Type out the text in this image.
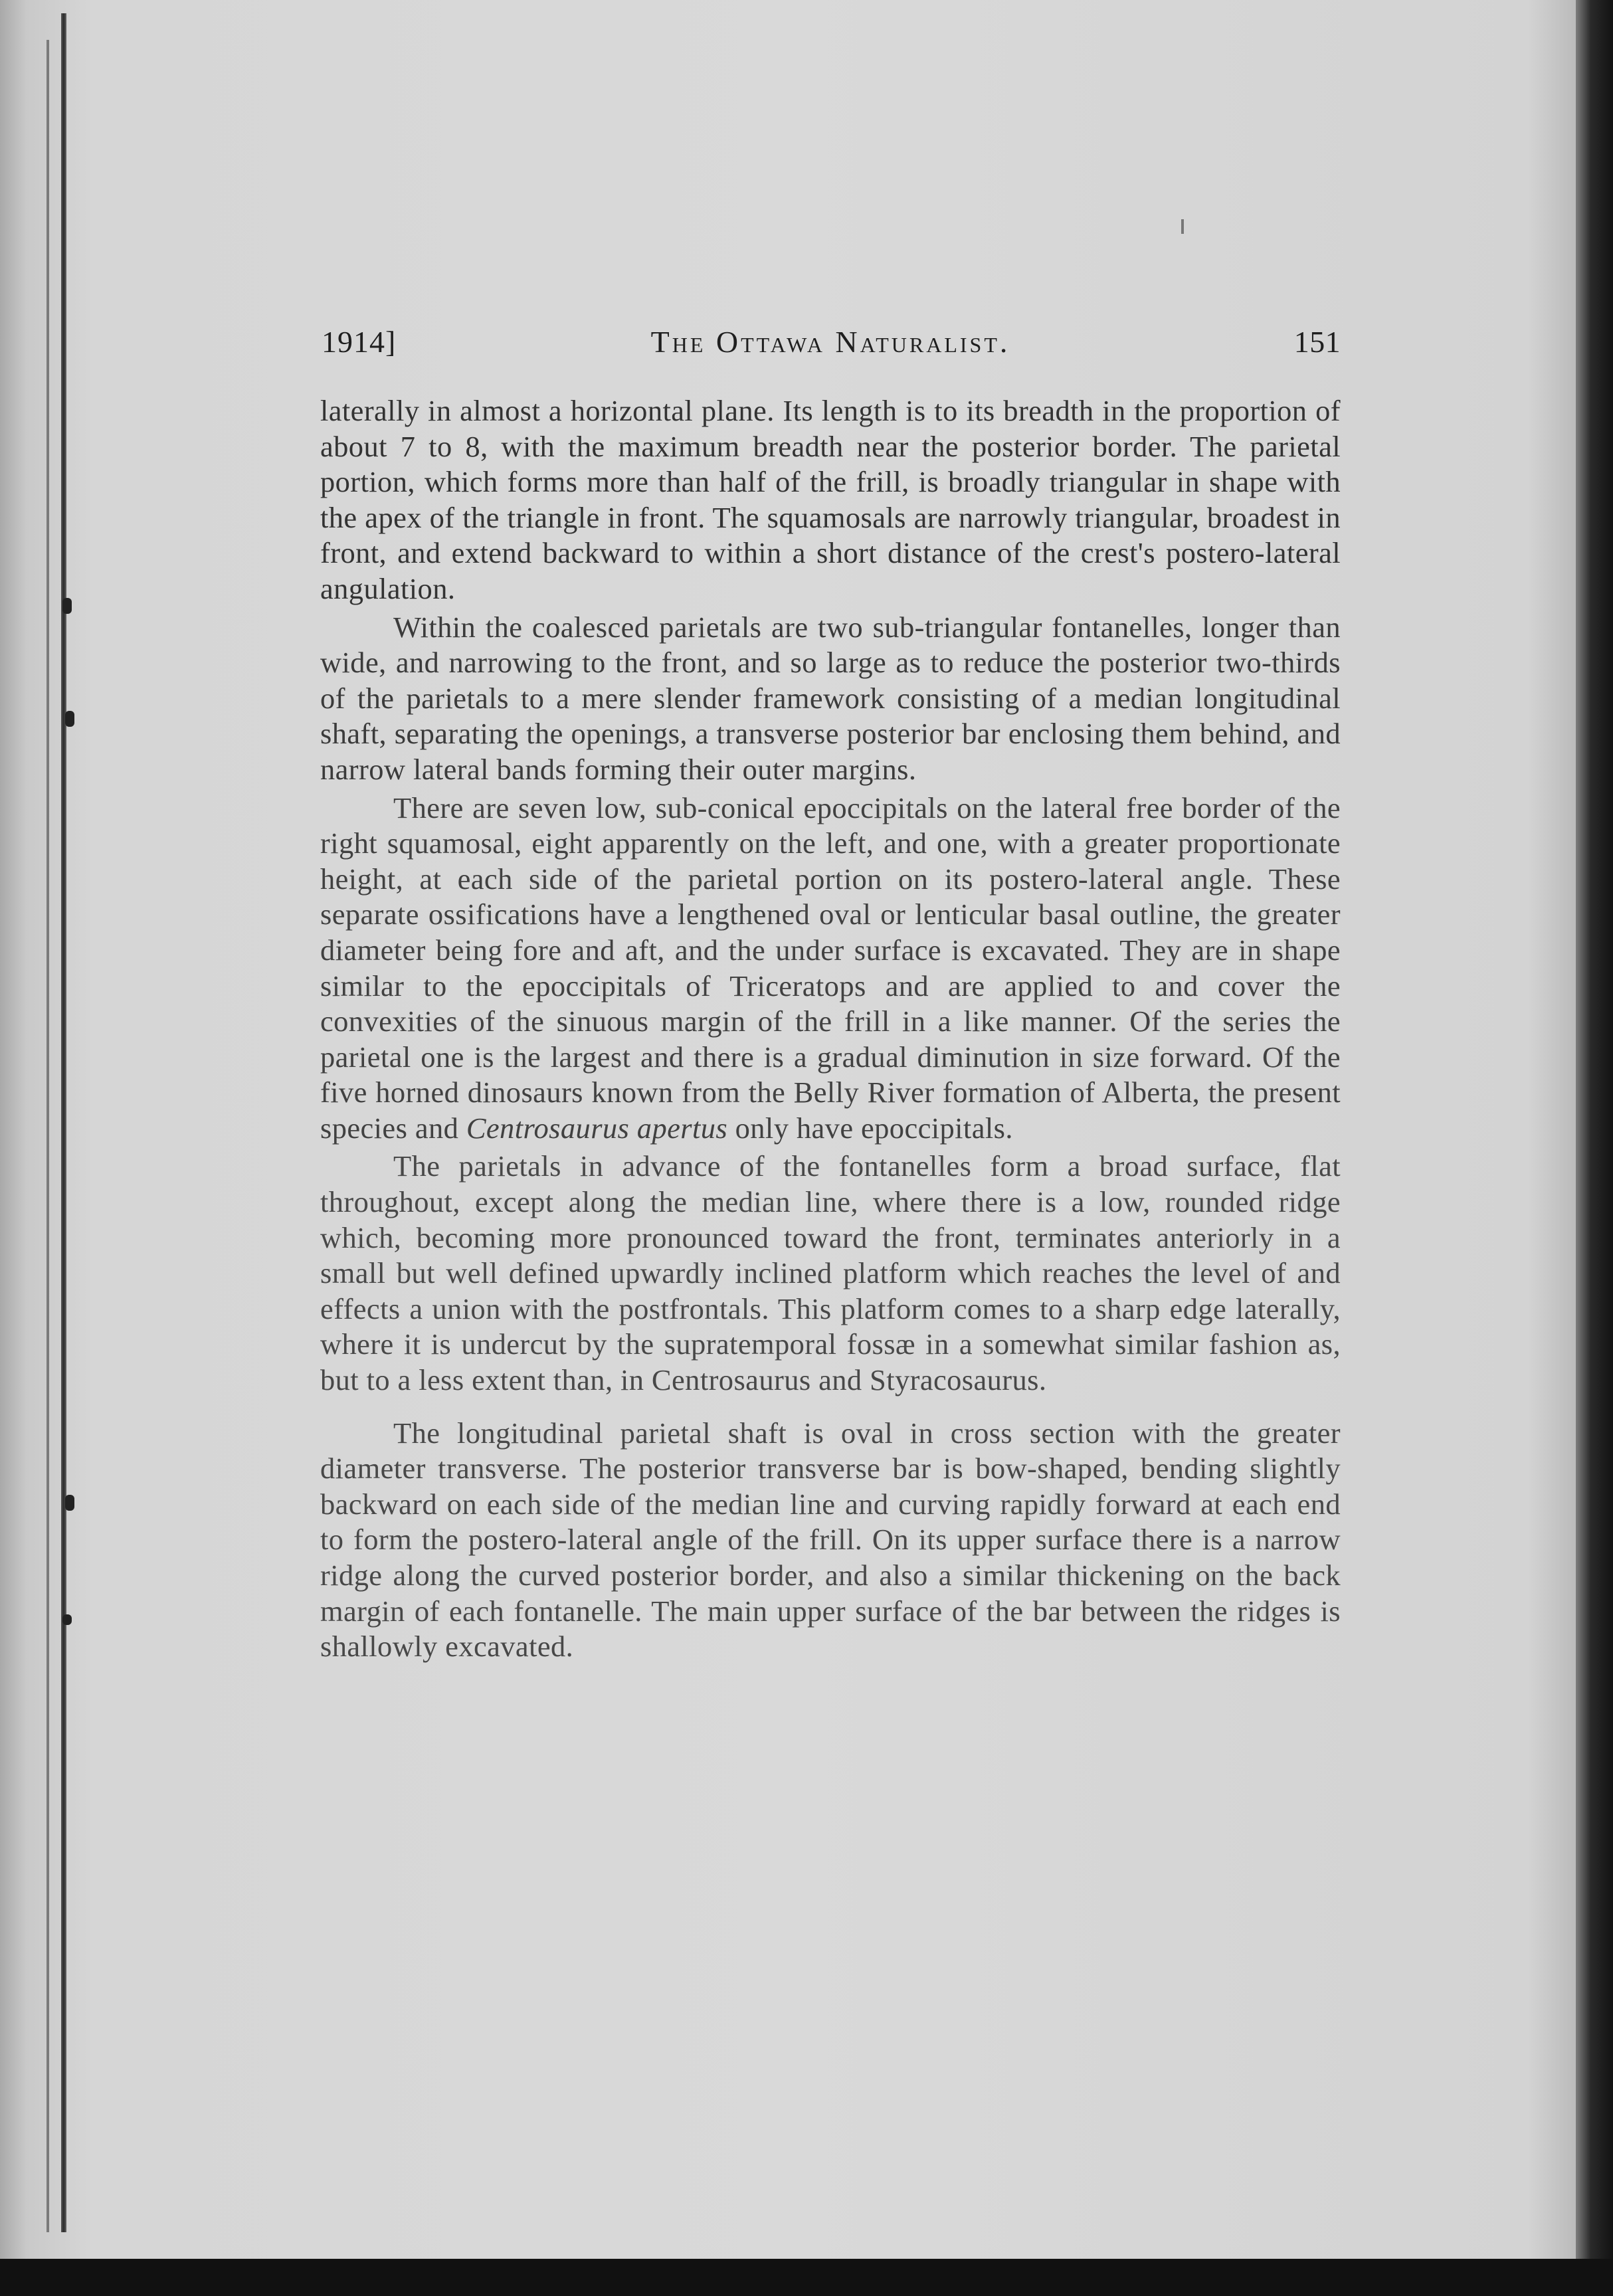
1914]	The Ottawa Naturalist.	151

laterally in almost a horizontal plane. Its length is to its breadth in the proportion of about 7 to 8, with the maximum breadth near the posterior border. The parietal portion, which forms more than half of the frill, is broadly triangular in shape with the apex of the triangle in front. The squamosals are narrowly triangular, broadest in front, and extend backward to within a short distance of the crest's postero-lateral angulation.

Within the coalesced parietals are two sub-triangular fontanelles, longer than wide, and narrowing to the front, and so large as to reduce the posterior two-thirds of the parietals to a mere slender framework consisting of a median longitudinal shaft, separating the openings, a transverse posterior bar enclosing them behind, and narrow lateral bands forming their outer margins.

There are seven low, sub-conical epoccipitals on the lateral free border of the right squamosal, eight apparently on the left, and one, with a greater proportionate height, at each side of the parietal portion on its postero-lateral angle. These separate ossifications have a lengthened oval or lenticular basal outline, the greater diameter being fore and aft, and the under surface is excavated. They are in shape similar to the epoccipitals of Triceratops and are applied to and cover the convexities of the sinuous margin of the frill in a like manner. Of the series the parietal one is the largest and there is a gradual diminution in size forward. Of the five horned dinosaurs known from the Belly River formation of Alberta, the present species and Centrosaurus apertus only have epoccipitals.

The parietals in advance of the fontanelles form a broad surface, flat throughout, except along the median line, where there is a low, rounded ridge which, becoming more pronounced toward the front, terminates anteriorly in a small but well defined upwardly inclined platform which reaches the level of and effects a union with the postfrontals. This platform comes to a sharp edge laterally, where it is undercut by the supratemporal fossæ in a somewhat similar fashion as, but to a less extent than, in Centrosaurus and Styracosaurus.

The longitudinal parietal shaft is oval in cross section with the greater diameter transverse. The posterior transverse bar is bow-shaped, bending slightly backward on each side of the median line and curving rapidly forward at each end to form the postero-lateral angle of the frill. On its upper surface there is a narrow ridge along the curved posterior border, and also a similar thickening on the back margin of each fontanelle. The main upper surface of the bar between the ridges is shallowly excavated.
